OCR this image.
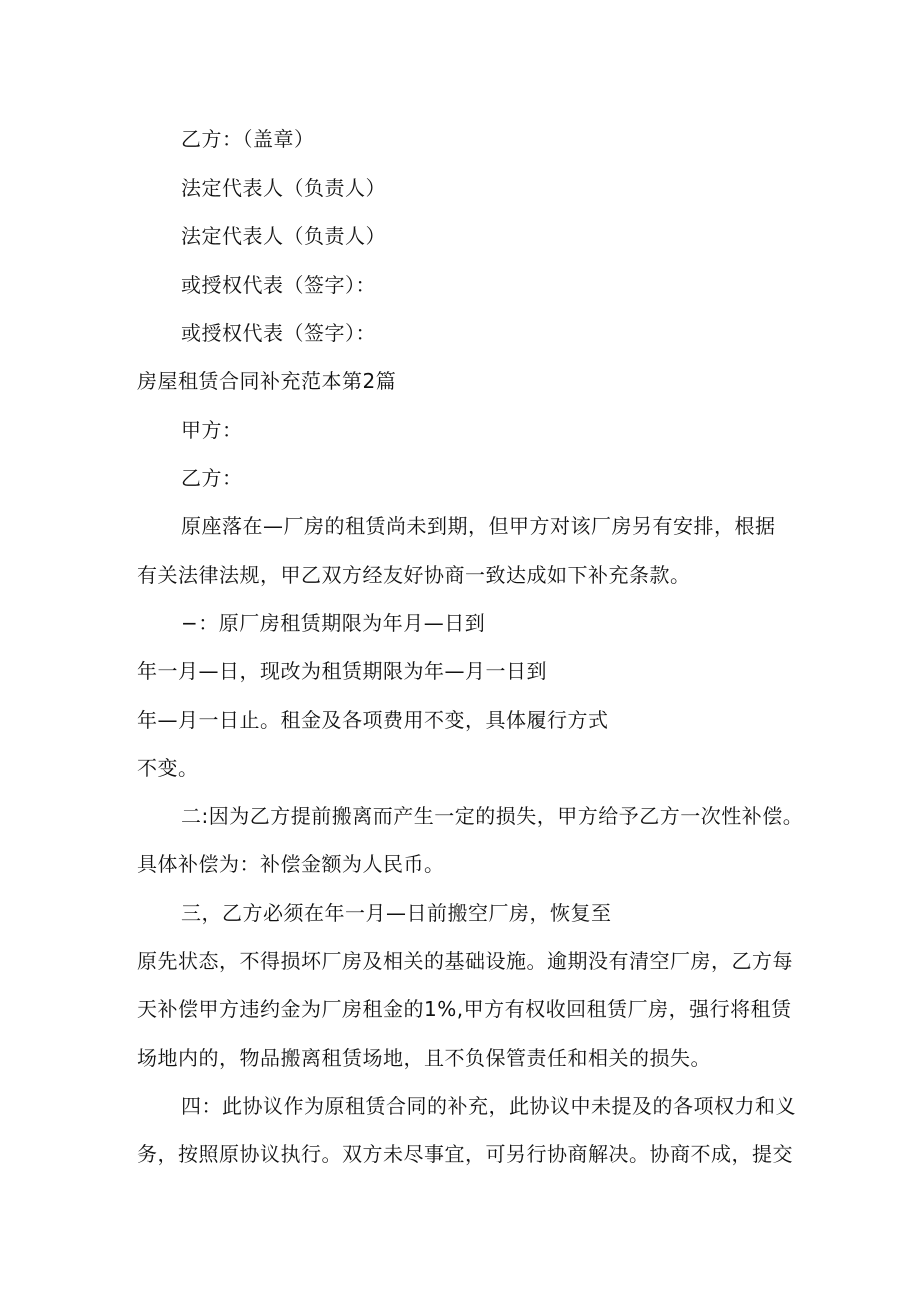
乙方：（盖章）
法定代表人（负责人）
法定代表人（负责人）
或授权代表（签字）：
或授权代表（签字）：
房屋租赁合同补充范本第2篇
甲方：
乙方：
原座落在—厂房的租赁尚未到期，但甲方对该厂房另有安排，根据
有关法律法规，甲乙双方经友好协商一致达成如下补充条款。
−：原厂房租赁期限为年月—日到
年一月—日，现改为租赁期限为年—月一日到
年—月一日止。租金及各项费用不变，具体履行方式
不变。
二:因为乙方提前搬离而产生一定的损失，甲方给予乙方一次性补偿。
具体补偿为：补偿金额为人民币。
三，乙方必须在年一月—日前搬空厂房，恢复至
原先状态，不得损坏厂房及相关的基础设施。逾期没有清空厂房，乙方每
天补偿甲方违约金为厂房租金的1%,甲方有权收回租赁厂房，强行将租赁
场地内的，物品搬离租赁场地，且不负保管责任和相关的损失。
四：此协议作为原租赁合同的补充，此协议中未提及的各项权力和义
务，按照原协议执行。双方未尽事宜，可另行协商解决。协商不成，提交
